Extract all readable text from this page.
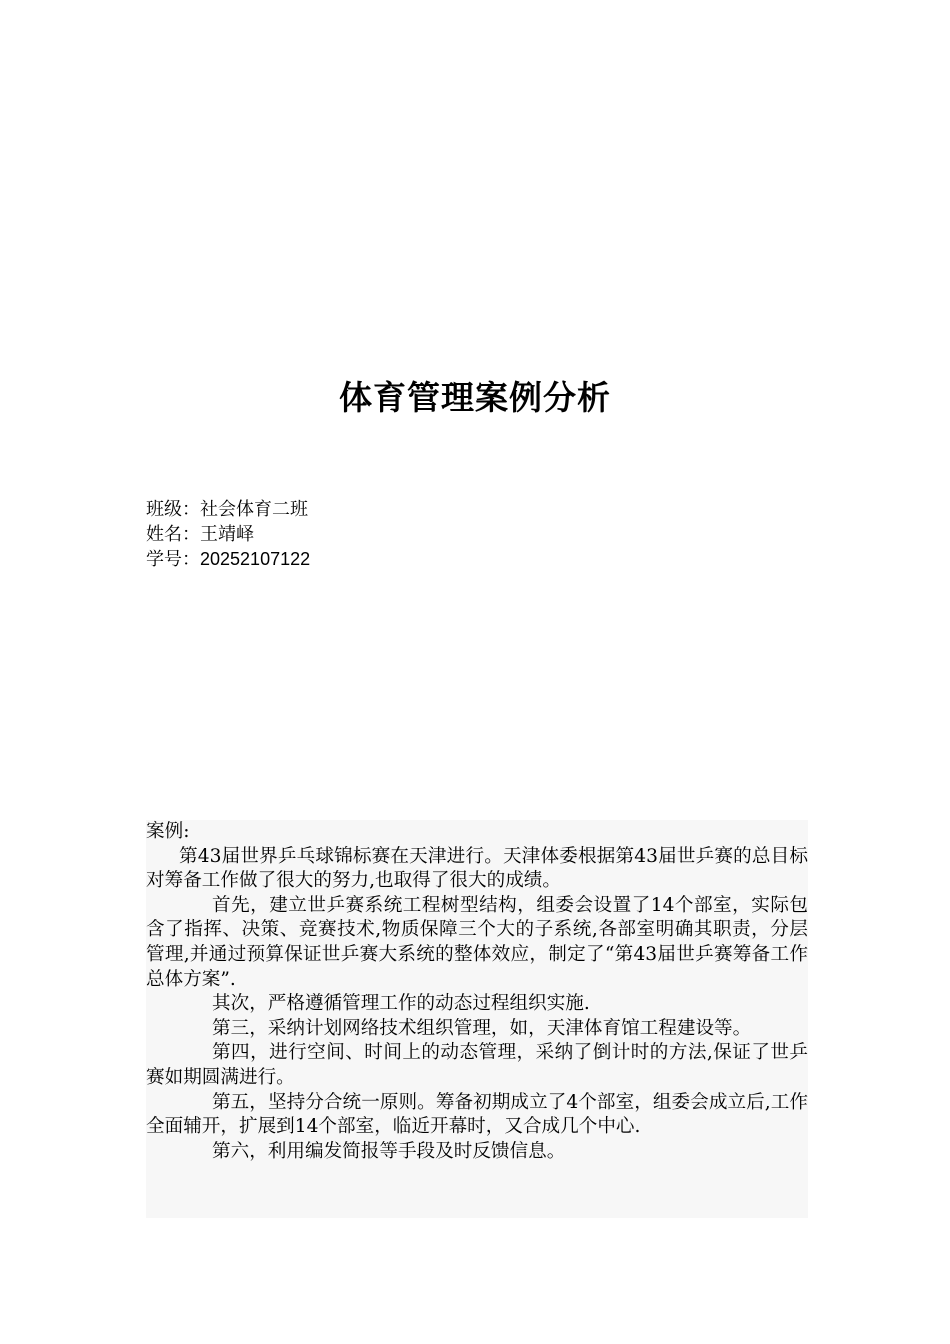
体育管理案例分析
班级：社会体育二班
姓名：王靖峄
学号：20252107122
案例:

第43届世界乒乓球锦标赛在天津进行。天津体委根据第43届世乒赛的总目标对筹备工作做了很大的努力,也取得了很大的成绩。

首先，建立世乒赛系统工程树型结构，组委会设置了14个部室，实际包含了指挥、决策、竞赛技术,物质保障三个大的子系统,各部室明确其职责，分层管理,并通过预算保证世乒赛大系统的整体效应，制定了“第43届世乒赛筹备工作总体方案”.

其次，严格遵循管理工作的动态过程组织实施.

第三，采纳计划网络技术组织管理，如，天津体育馆工程建设等。

第四，进行空间、时间上的动态管理，采纳了倒计时的方法,保证了世乒赛如期圆满进行。

第五，坚持分合统一原则。筹备初期成立了4个部室，组委会成立后,工作全面辅开，扩展到14个部室，临近开幕时，又合成几个中心.

第六，利用编发简报等手段及时反馈信息。
